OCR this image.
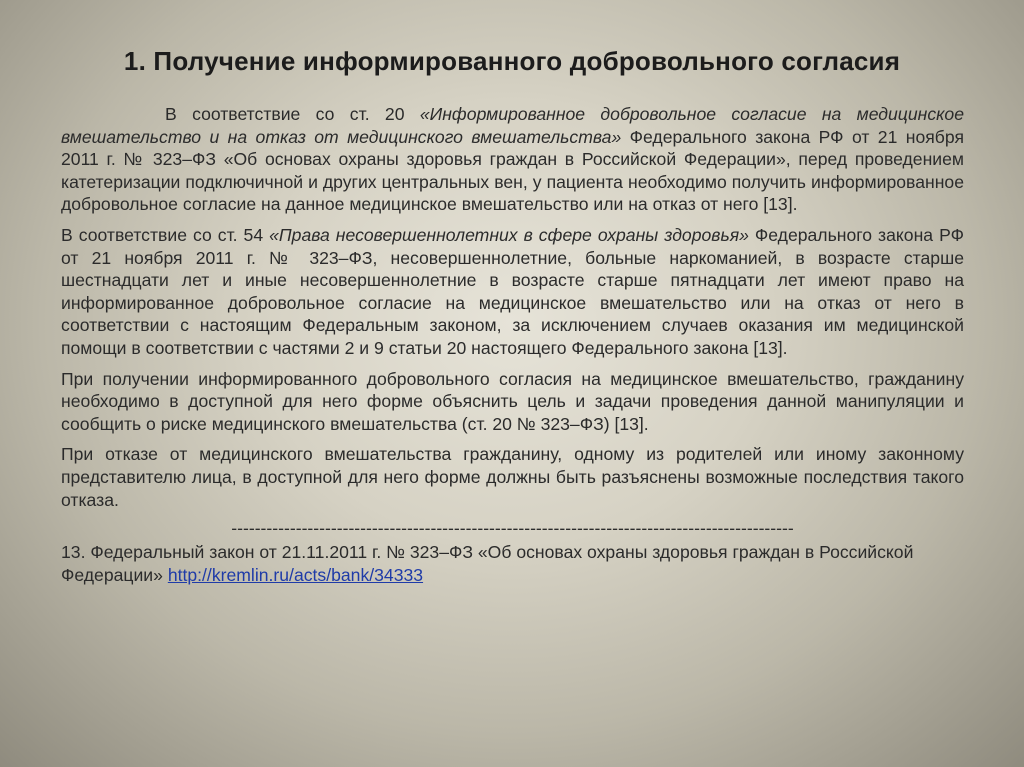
1. Получение информированного добровольного согласия

В соответствие со ст. 20 «Информированное добровольное согласие на медицинское вмешательство и на отказ от медицинского вмешательства» Федерального закона РФ от 21 ноября 2011 г. № 323–ФЗ «Об основах охраны здоровья граждан в Российской Федерации», перед проведением катетеризации подключичной и других центральных вен, у пациента необходимо получить информированное добровольное согласие на данное медицинское вмешательство или на отказ от него [13].

В соответствие со ст. 54 «Права несовершеннолетних в сфере охраны здоровья» Федерального закона РФ от 21 ноября 2011 г. № 323–ФЗ, несовершеннолетние, больные наркоманией, в возрасте старше шестнадцати лет и иные несовершеннолетние в возрасте старше пятнадцати лет имеют право на информированное добровольное согласие на медицинское вмешательство или на отказ от него в соответствии с настоящим Федеральным законом, за исключением случаев оказания им медицинской помощи в соответствии с частями 2 и 9 статьи 20 настоящего Федерального закона [13].

При получении информированного добровольного согласия на медицинское вмешательство, гражданину необходимо в доступной для него форме объяснить цель и задачи проведения данной манипуляции и сообщить о риске медицинского вмешательства (ст. 20 № 323–ФЗ) [13].

При отказе от медицинского вмешательства гражданину, одному из родителей или иному законному представителю лица, в доступной для него форме должны быть разъяснены возможные последствия такого отказа.

------------------------------------------------------------------------------------------------

13. Федеральный закон от 21.11.2011 г. № 323–ФЗ «Об основах охраны здоровья граждан в Российской Федерации» http://kremlin.ru/acts/bank/34333
